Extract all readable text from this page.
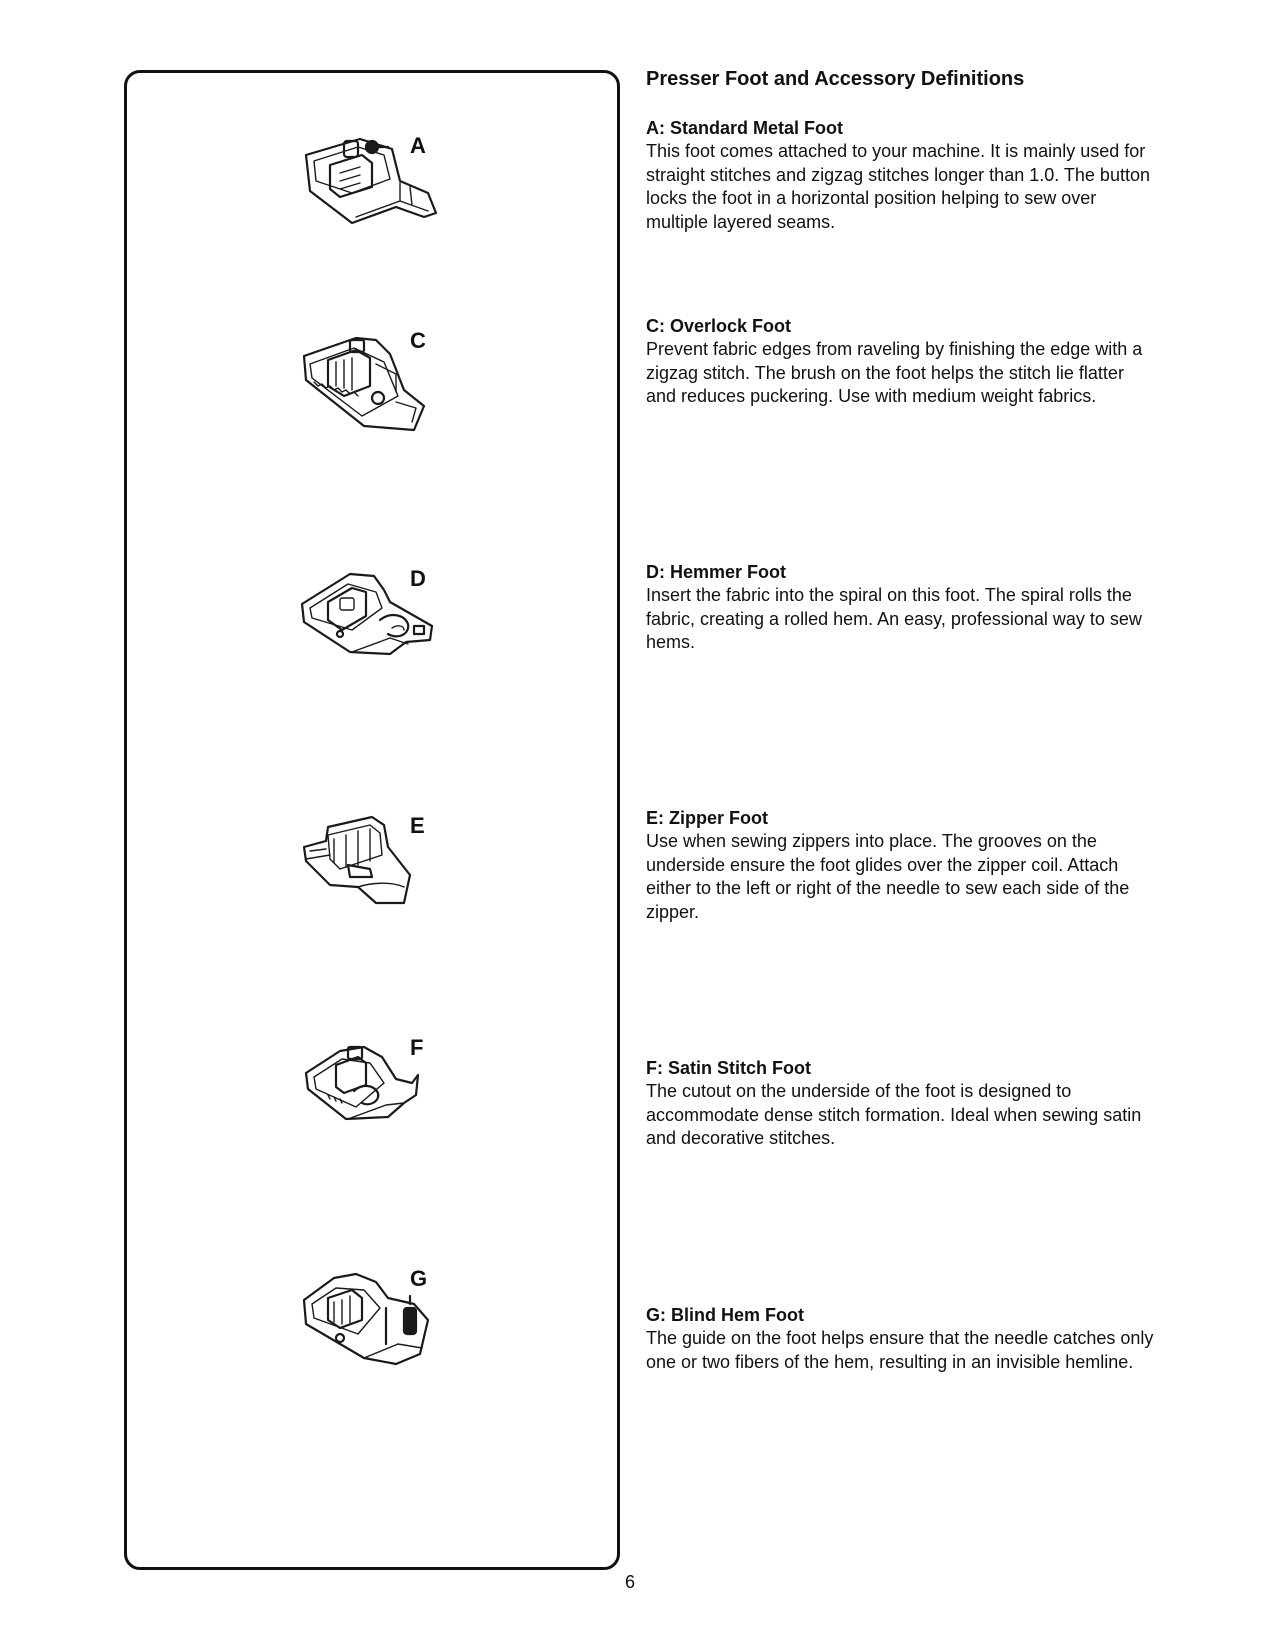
A
C
D
E
F
G
Presser Foot and Accessory Definitions

A: Standard Metal Foot

This foot comes attached to your machine. It is mainly used for straight stitches and zigzag stitches longer than 1.0. The button locks the foot in a horizontal position helping to sew over multiple layered seams.

C: Overlock Foot

Prevent fabric edges from raveling by finishing the edge with a zigzag stitch. The brush on the foot helps the stitch lie flatter and reduces puckering. Use with medium weight fabrics.

D: Hemmer Foot

Insert the fabric into the spiral on this foot. The spiral rolls the fabric, creating a rolled hem. An easy, professional way to sew hems.

E: Zipper Foot

Use when sewing zippers into place. The grooves on the underside ensure the foot glides over the zipper coil. Attach either to the left or right of the needle to sew each side of the zipper.

F: Satin Stitch Foot

The cutout on the underside of the foot is designed to accommodate dense stitch formation. Ideal when sewing satin and decorative stitches.

G: Blind Hem Foot

The guide on the foot helps ensure that the needle catches only one or two fibers of the hem, resulting in an invisible hemline.

6
